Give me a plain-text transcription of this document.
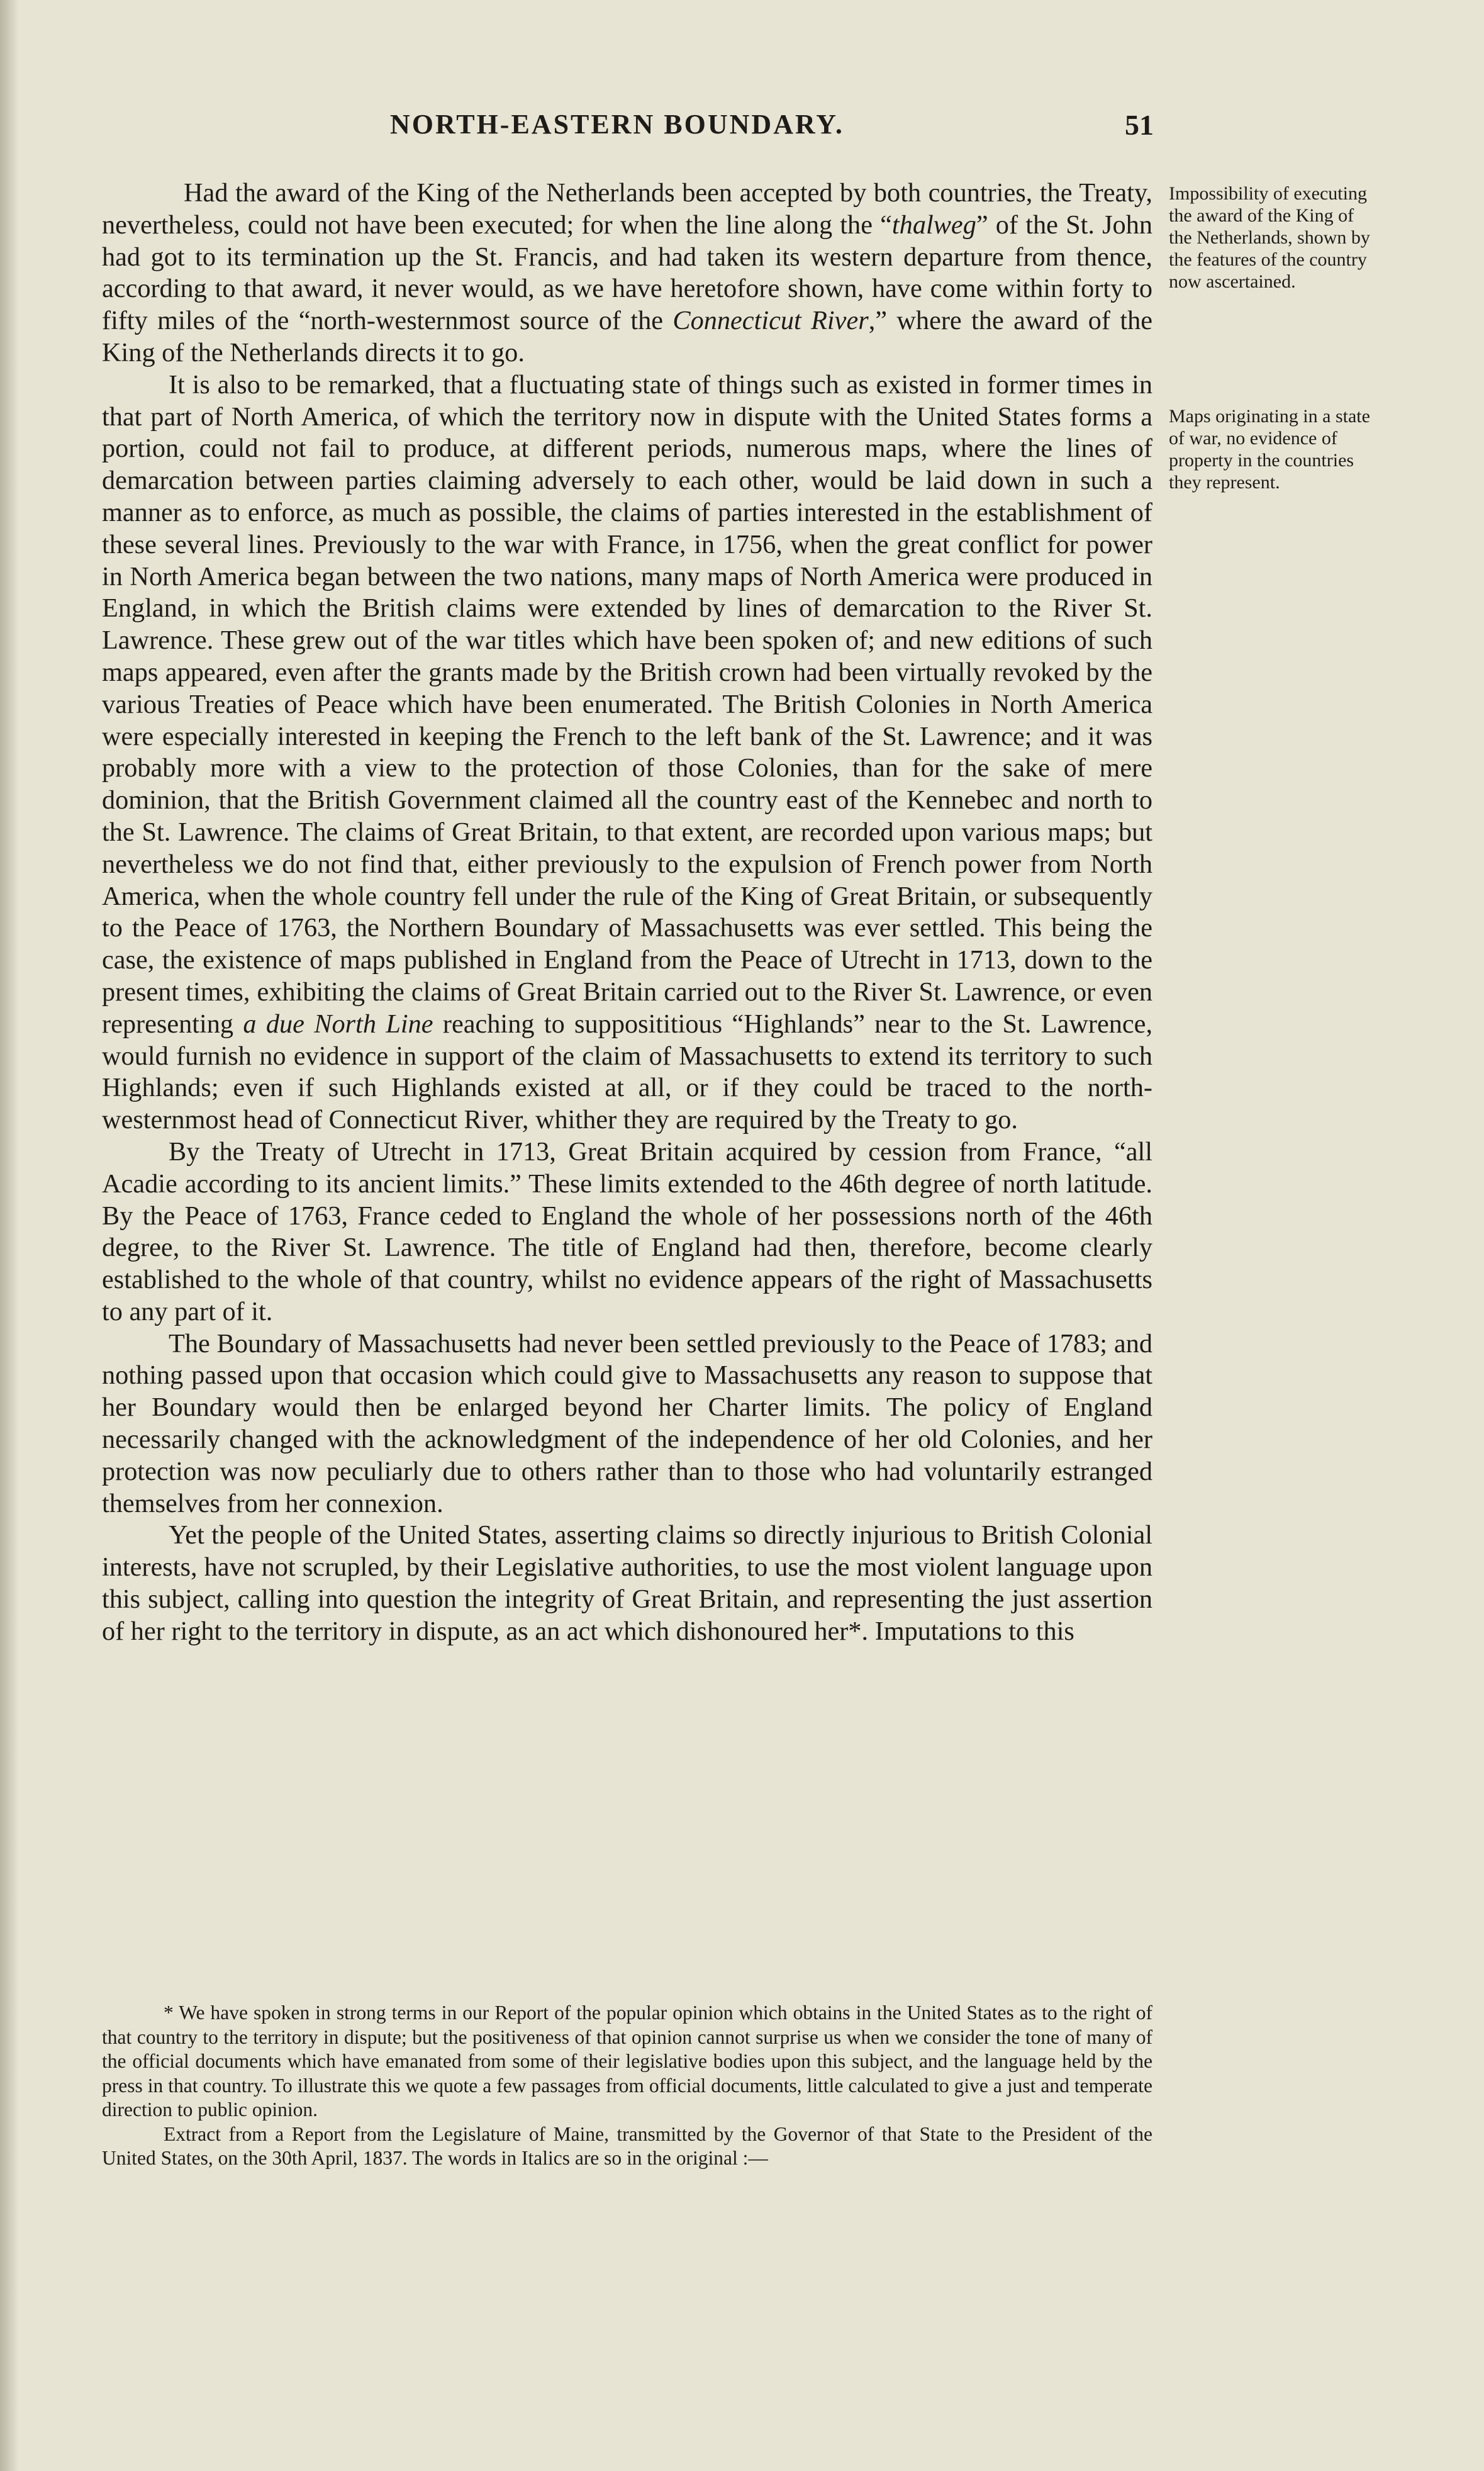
NORTH-EASTERN BOUNDARY.	51

Had the award of the King of the Netherlands been accepted by both countries, the Treaty, nevertheless, could not have been executed; for when the line along the “thalweg” of the St. John had got to its termination up the St. Francis, and had taken its western departure from thence, according to that award, it never would, as we have heretofore shown, have come within forty to fifty miles of the “north-westernmost source of the Connecticut River,” where the award of the King of the Netherlands directs it to go.

It is also to be remarked, that a fluctuating state of things such as existed in former times in that part of North America, of which the territory now in dispute with the United States forms a portion, could not fail to produce, at different periods, numerous maps, where the lines of demarcation between parties claiming adversely to each other, would be laid down in such a manner as to enforce, as much as possible, the claims of parties interested in the establishment of these several lines. Previously to the war with France, in 1756, when the great conflict for power in North America began between the two nations, many maps of North America were produced in England, in which the British claims were extended by lines of demarcation to the River St. Lawrence. These grew out of the war titles which have been spoken of; and new editions of such maps appeared, even after the grants made by the British crown had been virtually revoked by the various Treaties of Peace which have been enumerated. The British Colonies in North America were especially interested in keeping the French to the left bank of the St. Lawrence; and it was probably more with a view to the protection of those Colonies, than for the sake of mere dominion, that the British Government claimed all the country east of the Kennebec and north to the St. Lawrence. The claims of Great Britain, to that extent, are recorded upon various maps; but nevertheless we do not find that, either previously to the expulsion of French power from North America, when the whole country fell under the rule of the King of Great Britain, or subsequently to the Peace of 1763, the Northern Boundary of Massachusetts was ever settled. This being the case, the existence of maps published in England from the Peace of Utrecht in 1713, down to the present times, exhibiting the claims of Great Britain carried out to the River St. Lawrence, or even representing a due North Line reaching to supposititious “Highlands” near to the St. Lawrence, would furnish no evidence in support of the claim of Massachusetts to extend its territory to such Highlands; even if such Highlands existed at all, or if they could be traced to the north-westernmost head of Connecticut River, whither they are required by the Treaty to go.

By the Treaty of Utrecht in 1713, Great Britain acquired by cession from France, “all Acadie according to its ancient limits.” These limits extended to the 46th degree of north latitude. By the Peace of 1763, France ceded to England the whole of her possessions north of the 46th degree, to the River St. Lawrence. The title of England had then, therefore, become clearly established to the whole of that country, whilst no evidence appears of the right of Massachusetts to any part of it.

The Boundary of Massachusetts had never been settled previously to the Peace of 1783; and nothing passed upon that occasion which could give to Massachusetts any reason to suppose that her Boundary would then be enlarged beyond her Charter limits. The policy of England necessarily changed with the acknowledgment of the independence of her old Colonies, and her protection was now peculiarly due to others rather than to those who had voluntarily estranged themselves from her connexion.

Yet the people of the United States, asserting claims so directly injurious to British Colonial interests, have not scrupled, by their Legislative authorities, to use the most violent language upon this subject, calling into question the integrity of Great Britain, and representing the just assertion of her right to the territory in dispute, as an act which dishonoured her*. Imputations to this

Impossibility of executing the award of the King of the Netherlands, shown by the features of the country now ascertained.

Maps originating in a state of war, no evidence of property in the countries they represent.

* We have spoken in strong terms in our Report of the popular opinion which obtains in the United States as to the right of that country to the territory in dispute; but the positiveness of that opinion cannot surprise us when we consider the tone of many of the official documents which have emanated from some of their legislative bodies upon this subject, and the language held by the press in that country. To illustrate this we quote a few passages from official documents, little calculated to give a just and temperate direction to public opinion.

Extract from a Report from the Legislature of Maine, transmitted by the Governor of that State to the President of the United States, on the 30th April, 1837. The words in Italics are so in the original :—
